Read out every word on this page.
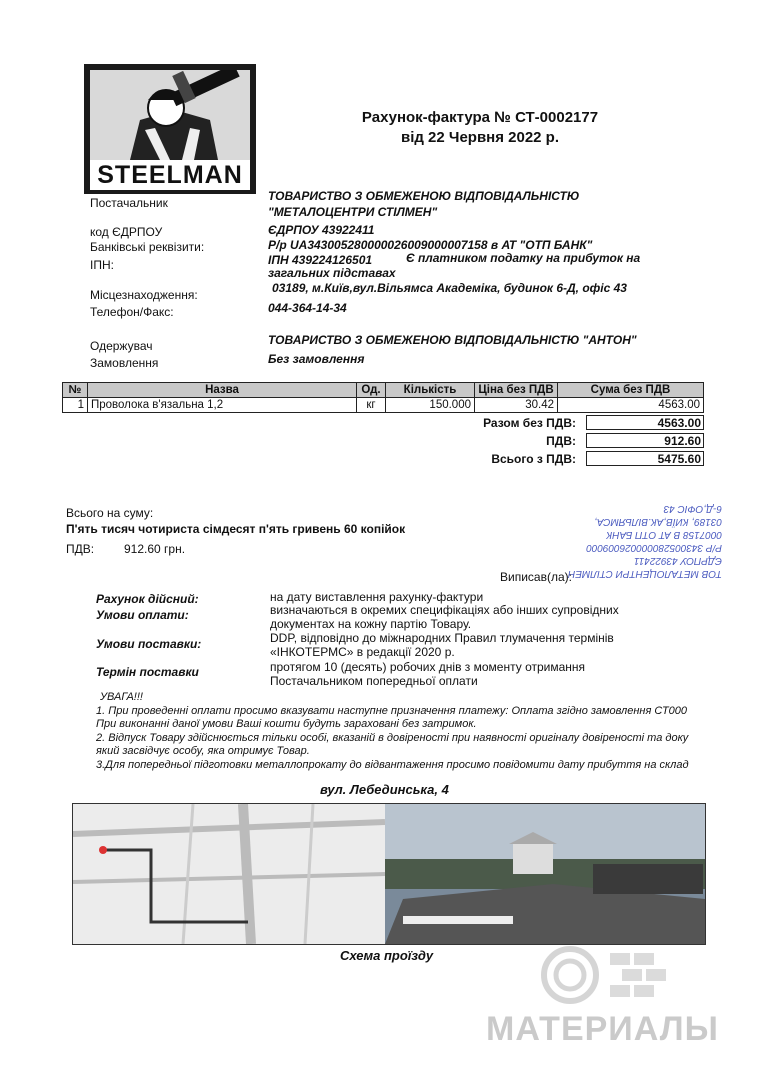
STEELMAN
Рахунок-фактура № СТ-0002177
від 22 Червня 2022 р.
Постачальник	ТОВАРИСТВО З ОБМЕЖЕНОЮ ВІДПОВІДАЛЬНІСТЮ
"МЕТАЛОЦЕНТРИ СТІЛМЕН"
код ЄДРПОУ	ЄДРПОУ 43922411
Банківські реквізити:	Р/р UA343005280000026009000007158 в АТ "ОТП БАНК"
ІПН:	ІПН 439224126501	Є платником податку на прибуток на
загальних підставах
Місцезнаходження:	03189, м.Київ,вул.Вільямса Академіка, будинок 6-Д, офіс 43
Телефон/Факс:	044-364-14-34
Одержувач	ТОВАРИСТВО З ОБМЕЖЕНОЮ ВІДПОВІДАЛЬНІСТЮ "АНТОН"
Замовлення	Без замовлення
№	Назва	Од.	Кількість	Ціна без ПДВ	Сума без ПДВ
1	Проволока в'язальна 1,2	кг	150.000	30.42	4563.00
Разом без ПДВ:	4563.00
ПДВ:	912.60
Всього з ПДВ:	5475.60
Всього на суму:
П'ять тисяч чотириста сімдесят п'ять гривень 60 копійок
ПДВ: 912.60 грн.
ТОВ МЕТАЛОЦЕНТРИ СТІЛМЕН
ЄДРПОУ 43922411
Р/Р 343005280000026009000
0007158 В АТ ОТП БАНК
03189, КИЇВ,АК.ВІЛЬЯМСА,
6-Д,ОФІС 43
Виписав(ла):
Рахунок дійсний:	на дату виставлення рахунку-фактури
Умови оплати:	визначаються в окремих специфікаціях або інших супровідних
документах на кожну партію Товару.
Умови поставки:	DDP, відповідно до міжнародних Правил тлумачення термінів
«ІНКОТЕРМС» в редакції 2020 р.
Термін поставки	протягом 10 (десять) робочих днів з моменту отримання
Постачальником попередньої оплати
УВАГА!!!
1. При проведенні оплати просимо вказувати наступне призначення платежу: Оплата згідно замовлення СТ000
При виконанні даної умови Ваші кошти будуть зараховані без затримок.
2. Відпуск Товару здійснюється тільки особі, вказаній в довіреності при наявності оригіналу довіреності та доку
який засвідчує особу, яка отримує Товар.
3.Для попередньої підготовки металлопрокату до відвантаження просимо повідомити дату прибуття на склад
вул. Лебединська, 4
Схема проїзду
МАТЕРИАЛЫ
